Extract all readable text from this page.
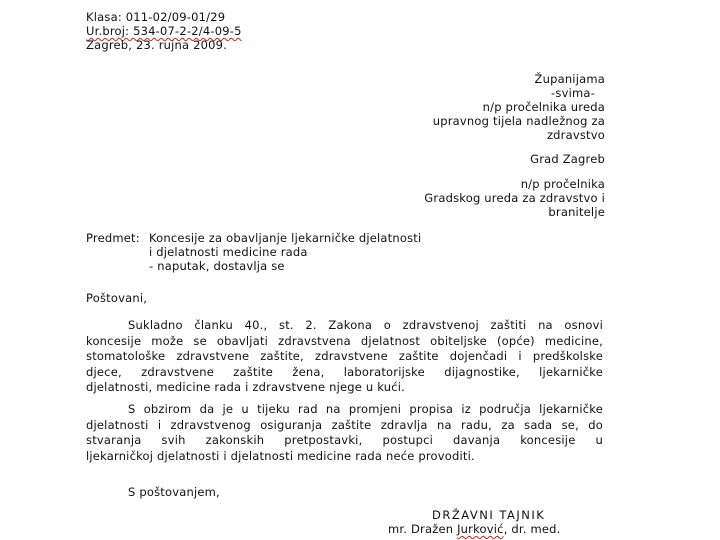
Klasa: 011-02/09-01/29
Ur.broj: 534-07-2-2/4-09-5
Zagreb, 23. rujna 2009.
Županijama
-svima-
n/p pročelnika ureda
upravnog tijela nadležnog za
zdravstvo
Grad Zagreb
n/p pročelnika
Gradskog ureda za zdravstvo i
branitelje
Predmet: Koncesije za obavljanje ljekarničke djelatnosti
i djelatnosti medicine rada
- naputak, dostavlja se
Poštovani,
Sukladno članku 40., st. 2. Zakona o zdravstvenoj zaštiti na osnovi
koncesije može se obavljati zdravstvena djelatnost obiteljske (opće) medicine,
stomatološke zdravstvene zaštite, zdravstvene zaštite dojenčadi i predškolske
djece, zdravstvene zaštite žena, laboratorijske dijagnostike, ljekarničke
djelatnosti, medicine rada i zdravstvene njege u kući.
S obzirom da je u tijeku rad na promjeni propisa iz područja ljekarničke
djelatnosti i zdravstvenog osiguranja zaštite zdravlja na radu, za sada se, do
stvaranja svih zakonskih pretpostavki, postupci davanja koncesije u
ljekarničkoj djelatnosti i djelatnosti medicine rada neće provoditi.
S poštovanjem,
DRŽAVNI TAJNIK
mr. Dražen Jurković, dr. med.
